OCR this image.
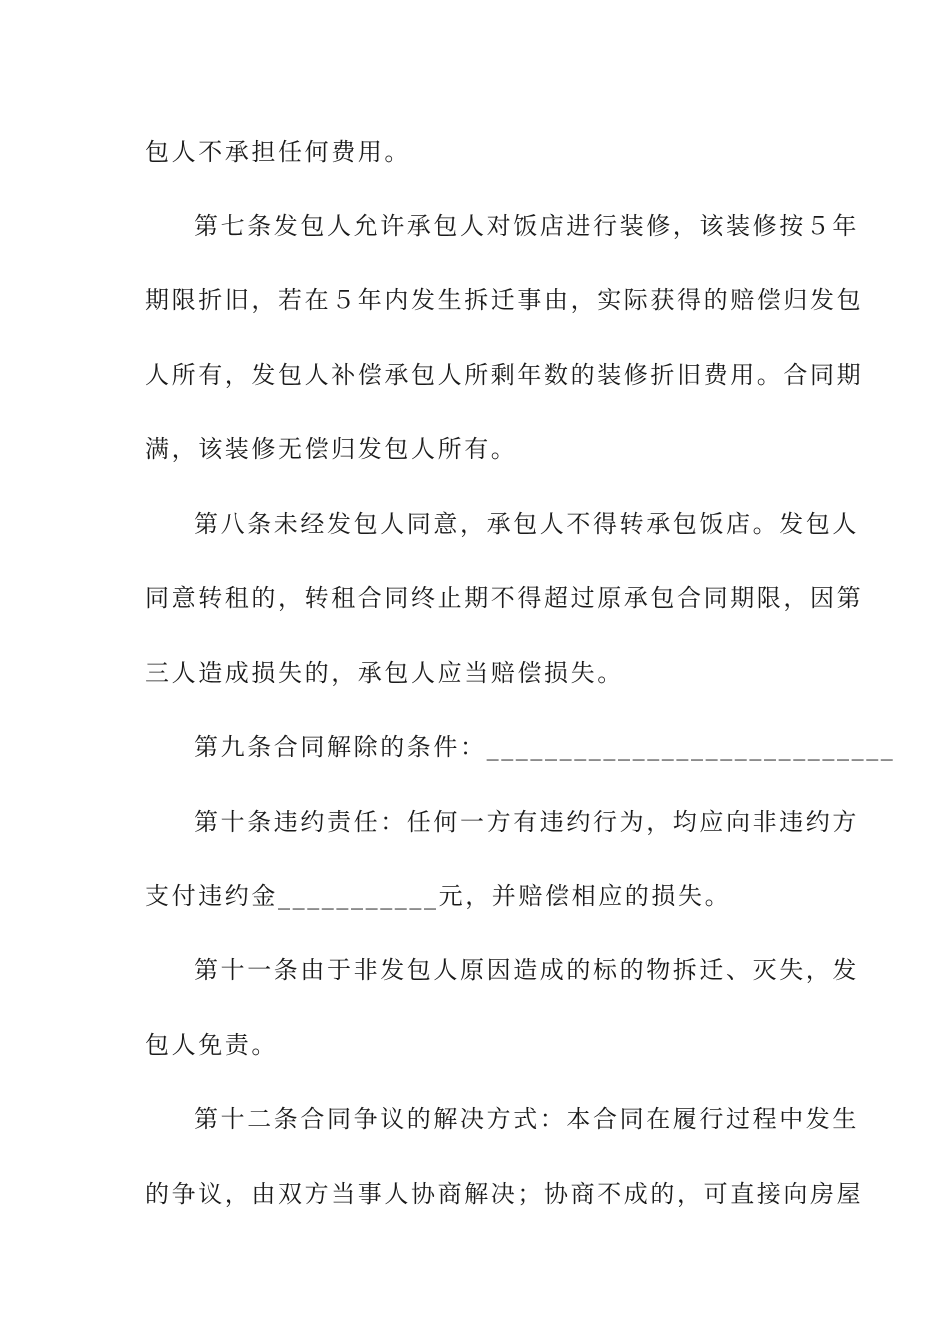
包人不承担任何费用。
第七条发包人允许承包人对饭店进行装修，该装修按５年
期限折旧，若在５年内发生拆迁事由，实际获得的赔偿归发包
人所有，发包人补偿承包人所剩年数的装修折旧费用。合同期
满，该装修无偿归发包人所有。
第八条未经发包人同意，承包人不得转承包饭店。发包人
同意转租的，转租合同终止期不得超过原承包合同期限，因第
三人造成损失的，承包人应当赔偿损失。
第九条合同解除的条件：____________________________
第十条违约责任：任何一方有违约行为，均应向非违约方
支付违约金___________元，并赔偿相应的损失。
第十一条由于非发包人原因造成的标的物拆迁、灭失，发
包人免责。
第十二条合同争议的解决方式：本合同在履行过程中发生
的争议，由双方当事人协商解决；协商不成的，可直接向房屋
